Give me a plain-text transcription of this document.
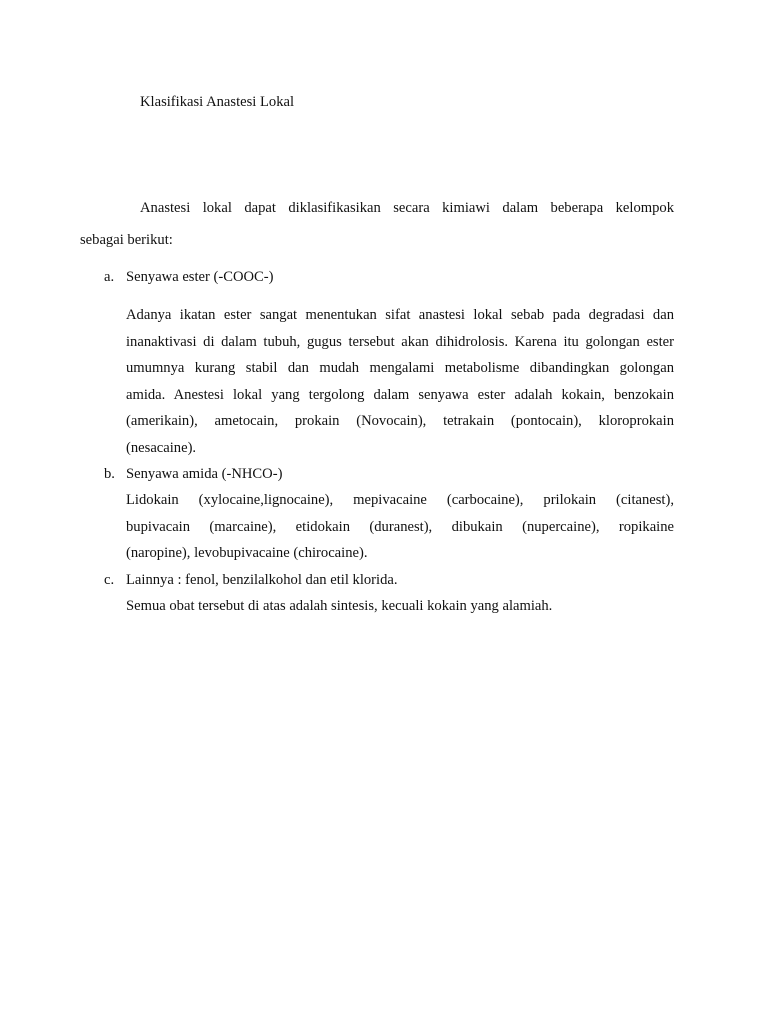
Klasifikasi Anastesi Lokal
Anastesi lokal dapat diklasifikasikan secara kimiawi dalam beberapa kelompok
sebagai berikut:
a. Senyawa ester (-COOC-)
Adanya ikatan ester sangat menentukan sifat anastesi lokal sebab pada degradasi dan
inanaktivasi di dalam tubuh, gugus tersebut akan dihidrolosis. Karena itu golongan ester
umumnya kurang stabil dan mudah mengalami metabolisme dibandingkan golongan
amida. Anestesi lokal yang tergolong dalam senyawa ester adalah kokain, benzokain
(amerikain), ametocain, prokain (Novocain), tetrakain (pontocain), kloroprokain
(nesacaine).
b. Senyawa amida (-NHCO-)
Lidokain (xylocaine,lignocaine), mepivacaine (carbocaine), prilokain (citanest),
bupivacain (marcaine), etidokain (duranest), dibukain (nupercaine), ropikaine
(naropine), levobupivacaine (chirocaine).
c. Lainnya : fenol, benzilalkohol dan etil klorida.
Semua obat tersebut di atas adalah sintesis, kecuali kokain yang alamiah.
